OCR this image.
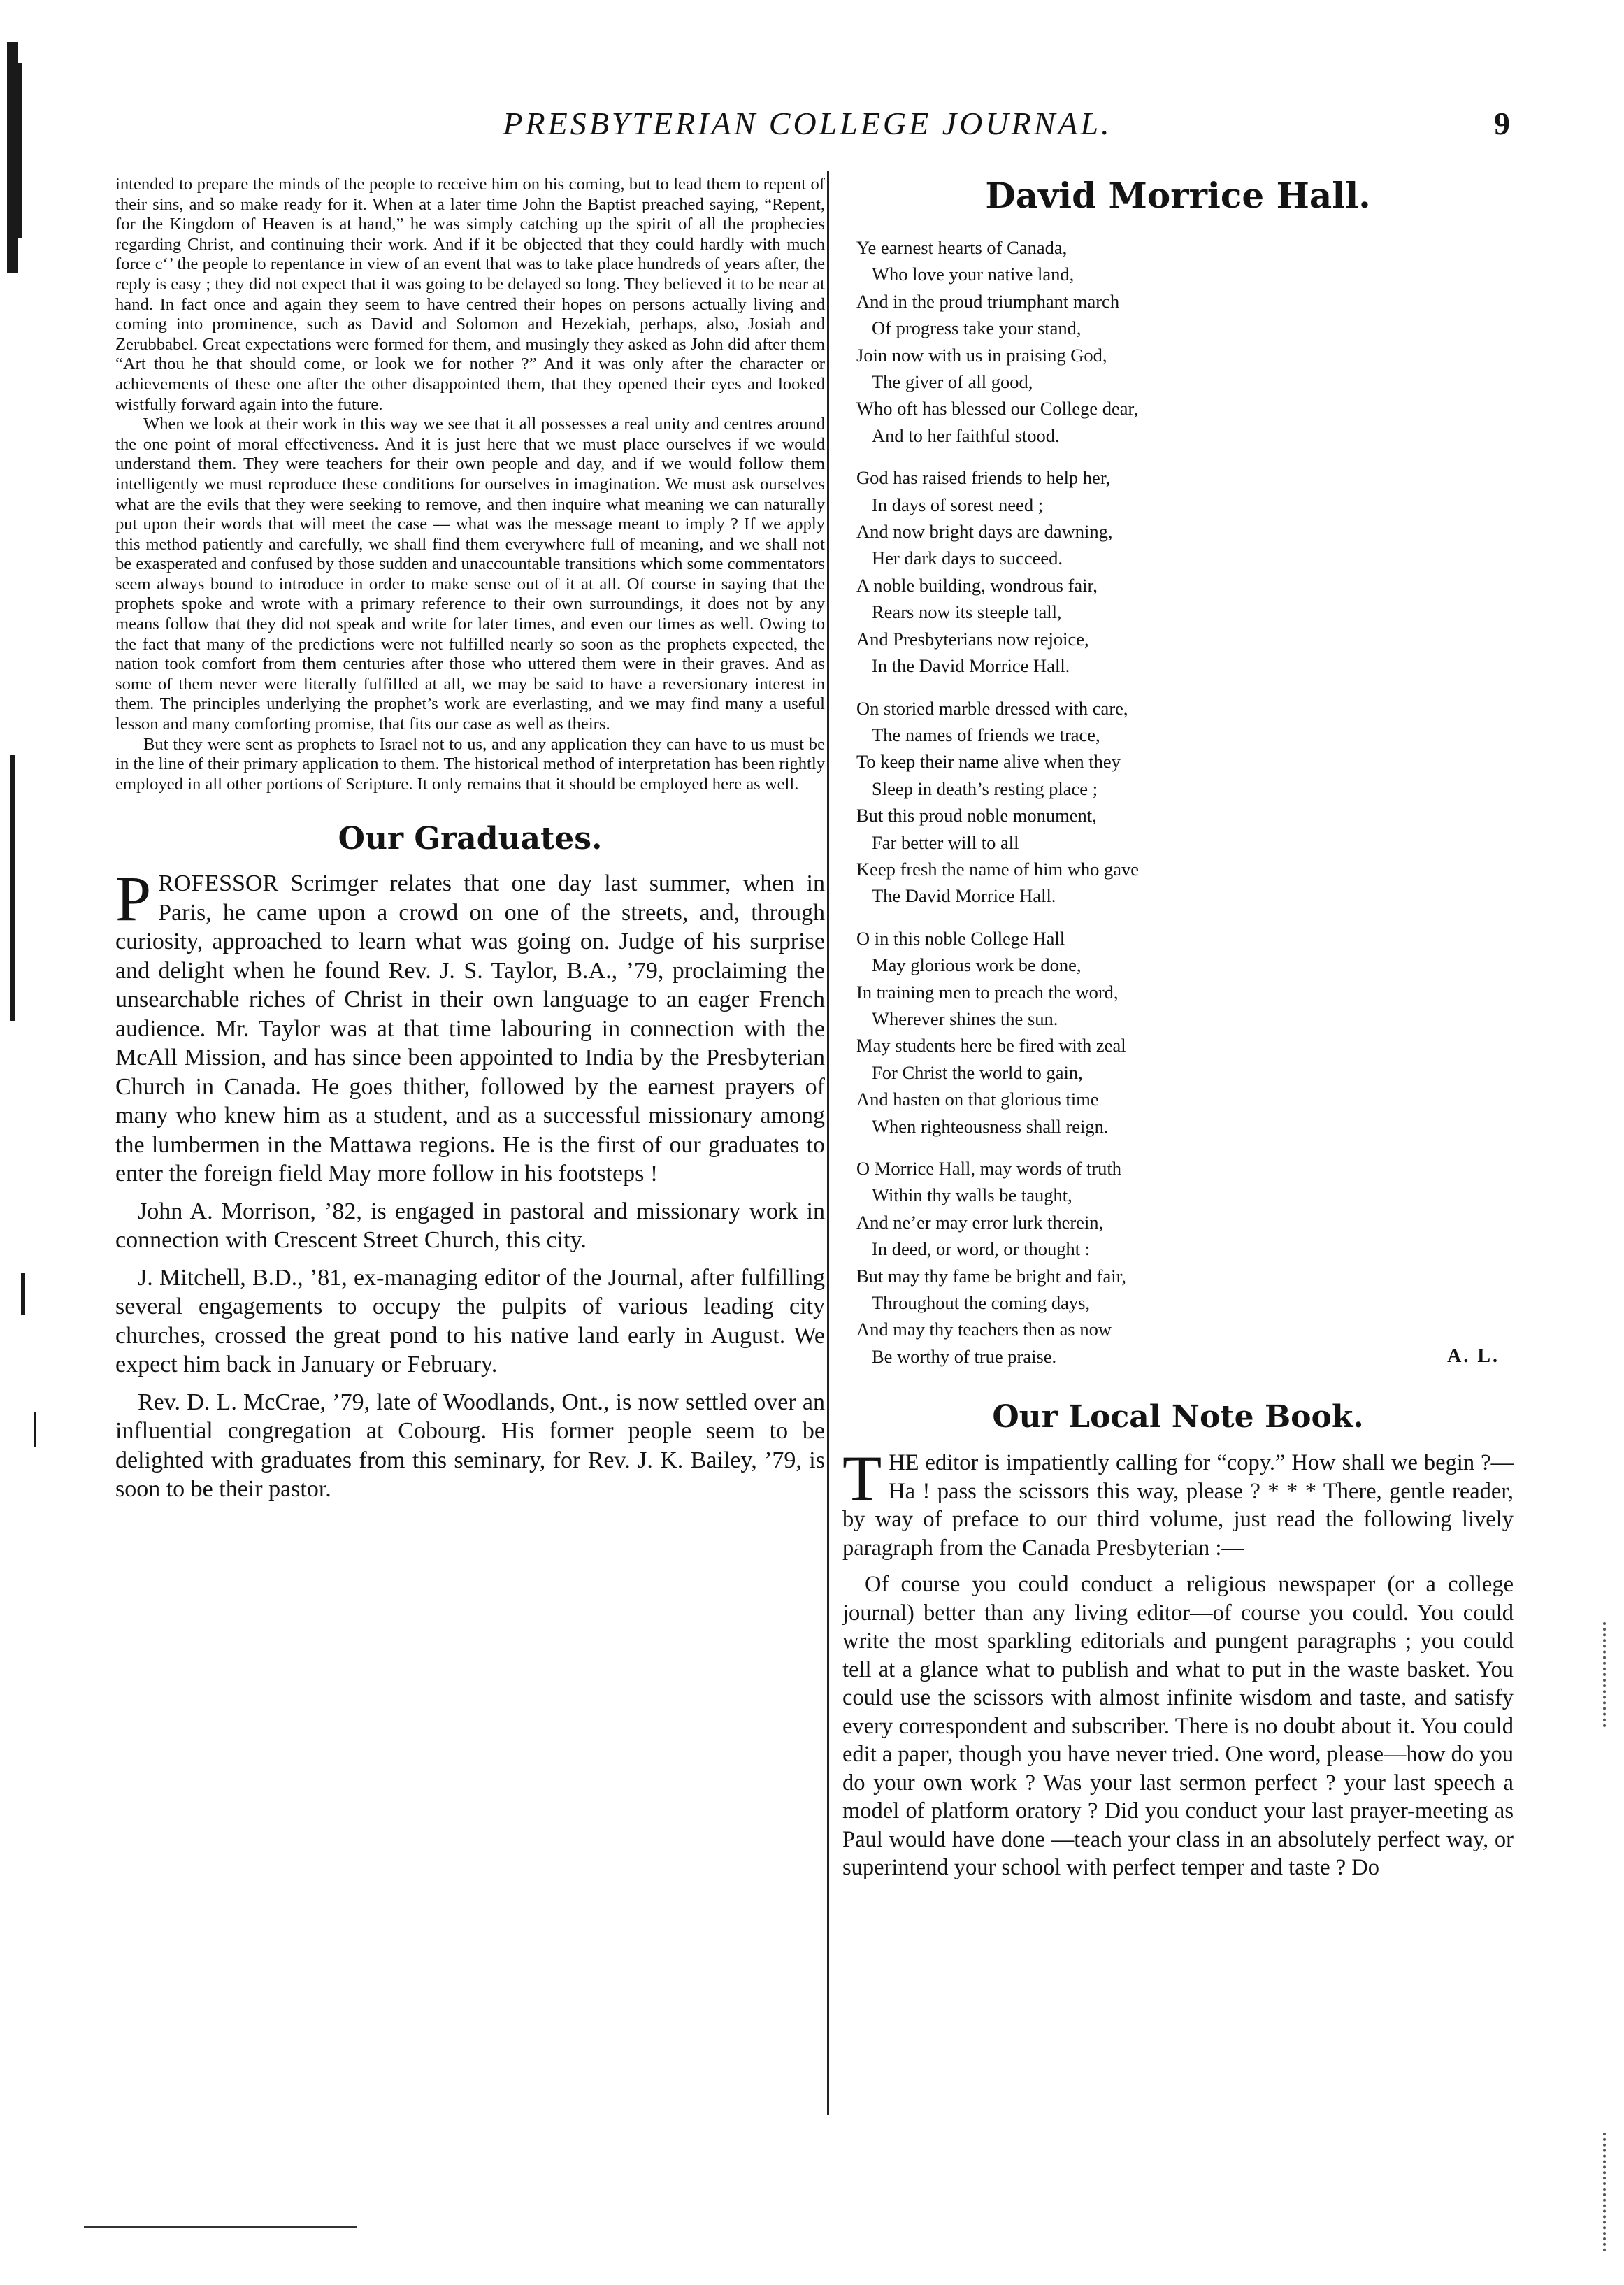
PRESBYTERIAN COLLEGE JOURNAL.	9

intended to prepare the minds of the people to receive him on his coming, but to lead them to repent of their sins, and so make ready for it. When at a later time John the Baptist preached saying, “Repent, for the Kingdom of Heaven is at hand,” he was simply catching up the spirit of all the prophecies regarding Christ, and continuing their work. And if it be objected that they could hardly with much force c‘’ the people to repentance in view of an event that was to take place hundreds of years after, the reply is easy ; they did not expect that it was going to be delayed so long. They believed it to be near at hand. In fact once and again they seem to have centred their hopes on persons actually living and coming into prominence, such as David and Solomon and Hezekiah, perhaps, also, Josiah and Zerubbabel. Great expectations were formed for them, and musingly they asked as John did after them “Art thou he that should come, or look we for nother ?” And it was only after the character or achievements of these one after the other disappointed them, that they opened their eyes and looked wistfully forward again into the future.

When we look at their work in this way we see that it all possesses a real unity and centres around the one point of moral effectiveness. And it is just here that we must place ourselves if we would understand them. They were teachers for their own people and day, and if we would follow them intelligently we must reproduce these conditions for ourselves in imagination. We must ask ourselves what are the evils that they were seeking to remove, and then inquire what meaning we can naturally put upon their words that will meet the case — what was the message meant to imply ? If we apply this method patiently and carefully, we shall find them everywhere full of meaning, and we shall not be exasperated and confused by those sudden and unaccountable transitions which some commentators seem always bound to introduce in order to make sense out of it at all. Of course in saying that the prophets spoke and wrote with a primary reference to their own surroundings, it does not by any means follow that they did not speak and write for later times, and even our times as well. Owing to the fact that many of the predictions were not fulfilled nearly so soon as the prophets expected, the nation took comfort from them centuries after those who uttered them were in their graves. And as some of them never were literally fulfilled at all, we may be said to have a reversionary interest in them. The principles underlying the prophet’s work are everlasting, and we may find many a useful lesson and many comforting promise, that fits our case as well as theirs.

But they were sent as prophets to Israel not to us, and any application they can have to us must be in the line of their primary application to them. The historical method of interpretation has been rightly employed in all other portions of Scripture. It only remains that it should be employed here as well.

Our Graduates.

PROFESSOR Scrimger relates that one day last summer, when in Paris, he came upon a crowd on one of the streets, and, through curiosity, approached to learn what was going on. Judge of his surprise and delight when he found Rev. J. S. Taylor, B.A., ’79, proclaiming the unsearchable riches of Christ in their own language to an eager French audience. Mr. Taylor was at that time labouring in connection with the McAll Mission, and has since been appointed to India by the Presbyterian Church in Canada. He goes thither, followed by the earnest prayers of many who knew him as a student, and as a successful missionary among the lumbermen in the Mattawa regions. He is the first of our graduates to enter the foreign field May more follow in his footsteps !

John A. Morrison, ’82, is engaged in pastoral and missionary work in connection with Crescent Street Church, this city.

J. Mitchell, B.D., ’81, ex-managing editor of the Journal, after fulfilling several engagements to occupy the pulpits of various leading city churches, crossed the great pond to his native land early in August. We expect him back in January or February.

Rev. D. L. McCrae, ’79, late of Woodlands, Ont., is now settled over an influential congregation at Cobourg. His former people seem to be delighted with graduates from this seminary, for Rev. J. K. Bailey, ’79, is soon to be their pastor.

David Morrice Hall.
Ye earnest hearts of Canada,
Who love your native land,
And in the proud triumphant march
Of progress take your stand,
Join now with us in praising God,
The giver of all good,
Who oft has blessed our College dear,
And to her faithful stood.
God has raised friends to help her,
In days of sorest need ;
And now bright days are dawning,
Her dark days to succeed.
A noble building, wondrous fair,
Rears now its steeple tall,
And Presbyterians now rejoice,
In the David Morrice Hall.
On storied marble dressed with care,
The names of friends we trace,
To keep their name alive when they
Sleep in death’s resting place ;
But this proud noble monument,
Far better will to all
Keep fresh the name of him who gave
The David Morrice Hall.
O in this noble College Hall
May glorious work be done,
In training men to preach the word,
Wherever shines the sun.
May students here be fired with zeal
For Christ the world to gain,
And hasten on that glorious time
When righteousness shall reign.
O Morrice Hall, may words of truth
Within thy walls be taught,
And ne’er may error lurk therein,
In deed, or word, or thought :
But may thy fame be bright and fair,
Throughout the coming days,
And may thy teachers then as now
Be worthy of true praise.	A. L.
Our Local Note Book.

THE editor is impatiently calling for “copy.” How shall we begin ?—Ha ! pass the scissors this way, please ? * * * There, gentle reader, by way of preface to our third volume, just read the following lively paragraph from the Canada Presbyterian :—

Of course you could conduct a religious newspaper (or a college journal) better than any living editor—of course you could. You could write the most sparkling editorials and pungent paragraphs ; you could tell at a glance what to publish and what to put in the waste basket. You could use the scissors with almost infinite wisdom and taste, and satisfy every correspondent and subscriber. There is no doubt about it. You could edit a paper, though you have never tried. One word, please—how do you do your own work ? Was your last sermon perfect ? your last speech a model of platform oratory ? Did you conduct your last prayer-meeting as Paul would have done —teach your class in an absolutely perfect way, or superintend your school with perfect temper and taste ? Do
